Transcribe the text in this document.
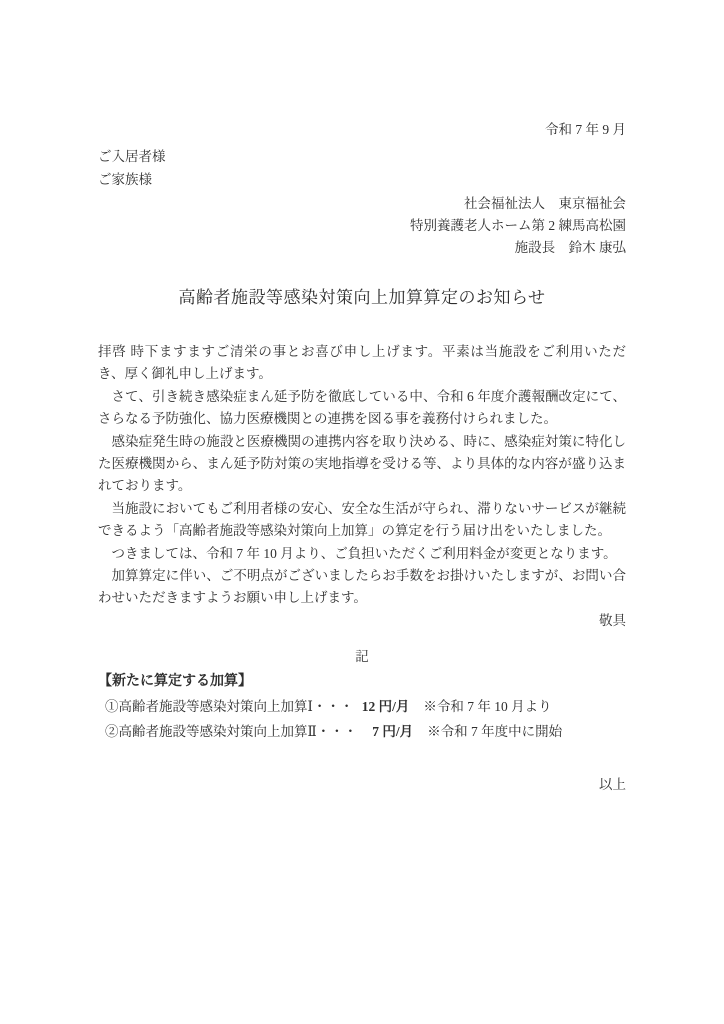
令和 7 年 9 月
ご入居者様
ご家族様
社会福祉法人　東京福祉会
特別養護老人ホーム第 2 練馬高松園
施設長　鈴木 康弘
高齢者施設等感染対策向上加算算定のお知らせ

拝啓 時下ますますご清栄の事とお喜び申し上げます。平素は当施設をご利用いただき、厚く御礼申し上げます。

さて、引き続き感染症まん延予防を徹底している中、令和 6 年度介護報酬改定にて、さらなる予防強化、協力医療機関との連携を図る事を義務付けられました。

感染症発生時の施設と医療機関の連携内容を取り決める、時に、感染症対策に特化した医療機関から、まん延予防対策の実地指導を受ける等、より具体的な内容が盛り込まれております。

当施設においてもご利用者様の安心、安全な生活が守られ、滞りないサービスが継続できるよう「高齢者施設等感染対策向上加算」の算定を行う届け出をいたしました。

つきましては、令和 7 年 10 月より、ご負担いただくご利用料金が変更となります。

加算算定に伴い、ご不明点がございましたらお手数をお掛けいたしますが、お問い合わせいただきますようお願い申し上げます。

敬具
記
【新たに算定する加算】
①高齢者施設等感染対策向上加算Ⅰ・・・ 12 円/月 ※令和 7 年 10 月より
②高齢者施設等感染対策向上加算Ⅱ・・・ 7 円/月 ※令和 7 年度中に開始
以上
